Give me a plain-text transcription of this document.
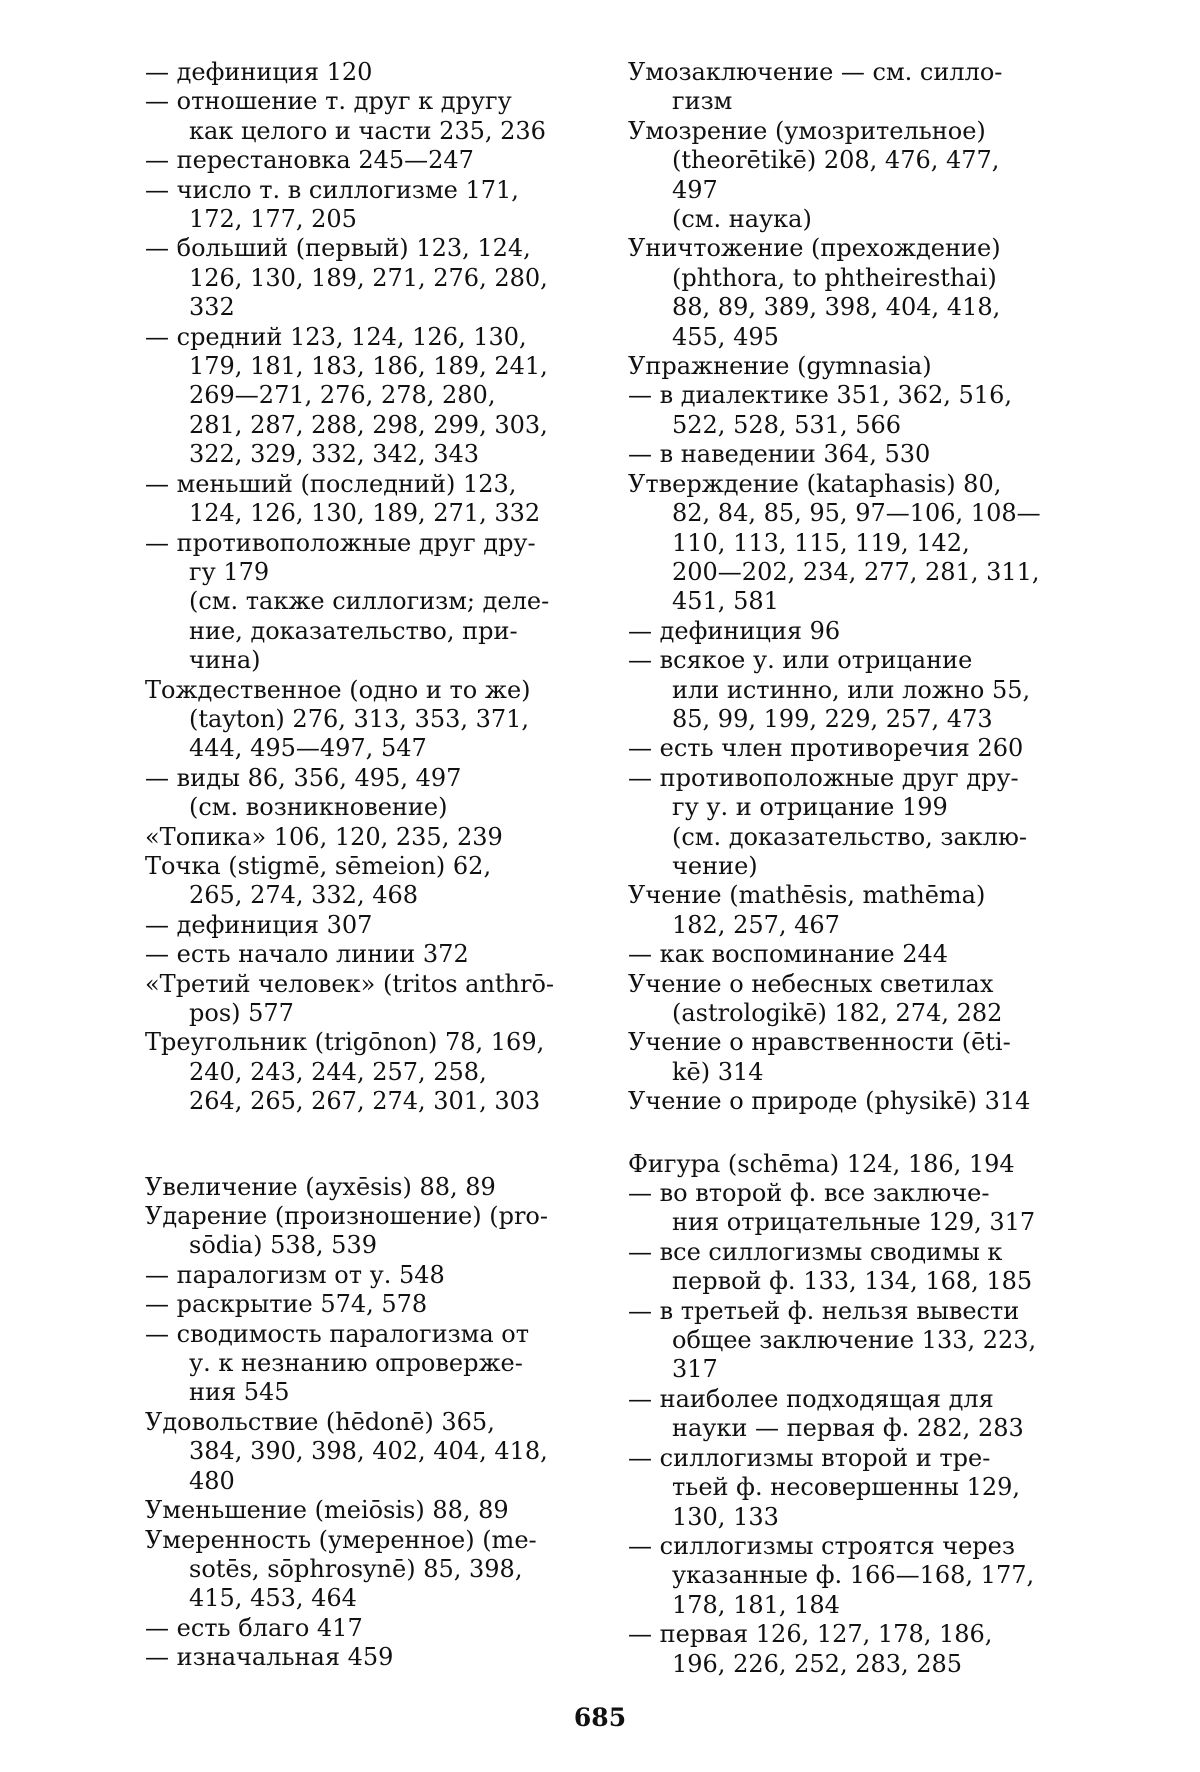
— дефиниция 120
— отношение т. друг к другу
как целого и части 235, 236
— перестановка 245—247
— число т. в силлогизме 171,
172, 177, 205
— больший (первый) 123, 124,
126, 130, 189, 271, 276, 280,
332
— средний 123, 124, 126, 130,
179, 181, 183, 186, 189, 241,
269—271, 276, 278, 280,
281, 287, 288, 298, 299, 303,
322, 329, 332, 342, 343
— меньший (последний) 123,
124, 126, 130, 189, 271, 332
— противоположные друг дру-
гу 179
(см. также силлогизм; деле-
ние, доказательство, при-
чина)
Тождественное (одно и то же)
(tayton) 276, 313, 353, 371,
444, 495—497, 547
— виды 86, 356, 495, 497
(см. возникновение)
«Топика» 106, 120, 235, 239
Точка (stigmē, sēmeion) 62,
265, 274, 332, 468
— дефиниция 307
— есть начало линии 372
«Третий человек» (tritos anthrō-
pos) 577
Треугольник (trigōnon) 78, 169,
240, 243, 244, 257, 258,
264, 265, 267, 274, 301, 303
Увеличение (ayxēsis) 88, 89
Ударение (произношение) (pro-
sōdia) 538, 539
— паралогизм от у. 548
— раскрытие 574, 578
— сводимость паралогизма от
у. к незнанию опроверже-
ния 545
Удовольствие (hēdonē) 365,
384, 390, 398, 402, 404, 418,
480
Уменьшение (meiōsis) 88, 89
Умеренность (умеренное) (me-
sotēs, sōphrosynē) 85, 398,
415, 453, 464
— есть благо 417
— изначальная 459
Умозаключение — см. силло-
гизм
Умозрение (умозрительное)
(theorētikē) 208, 476, 477,
497
(см. наука)
Уничтожение (прехождение)
(phthora, to phtheiresthai)
88, 89, 389, 398, 404, 418,
455, 495
Упражнение (gymnasia)
— в диалектике 351, 362, 516,
522, 528, 531, 566
— в наведении 364, 530
Утверждение (kataphasis) 80,
82, 84, 85, 95, 97—106, 108—
110, 113, 115, 119, 142,
200—202, 234, 277, 281, 311,
451, 581
— дефиниция 96
— всякое у. или отрицание
или истинно, или ложно 55,
85, 99, 199, 229, 257, 473
— есть член противоречия 260
— противоположные друг дру-
гу у. и отрицание 199
(см. доказательство, заклю-
чение)
Учение (mathēsis, mathēma)
182, 257, 467
— как воспоминание 244
Учение о небесных светилах
(astrologikē) 182, 274, 282
Учение о нравственности (ēti-
kē) 314
Учение о природе (physikē) 314
Фигура (schēma) 124, 186, 194
— во второй ф. все заключе-
ния отрицательные 129, 317
— все силлогизмы сводимы к
первой ф. 133, 134, 168, 185
— в третьей ф. нельзя вывести
общее заключение 133, 223,
317
— наиболее подходящая для
науки — первая ф. 282, 283
— силлогизмы второй и тре-
тьей ф. несовершенны 129,
130, 133
— силлогизмы строятся через
указанные ф. 166—168, 177,
178, 181, 184
— первая 126, 127, 178, 186,
196, 226, 252, 283, 285
685
